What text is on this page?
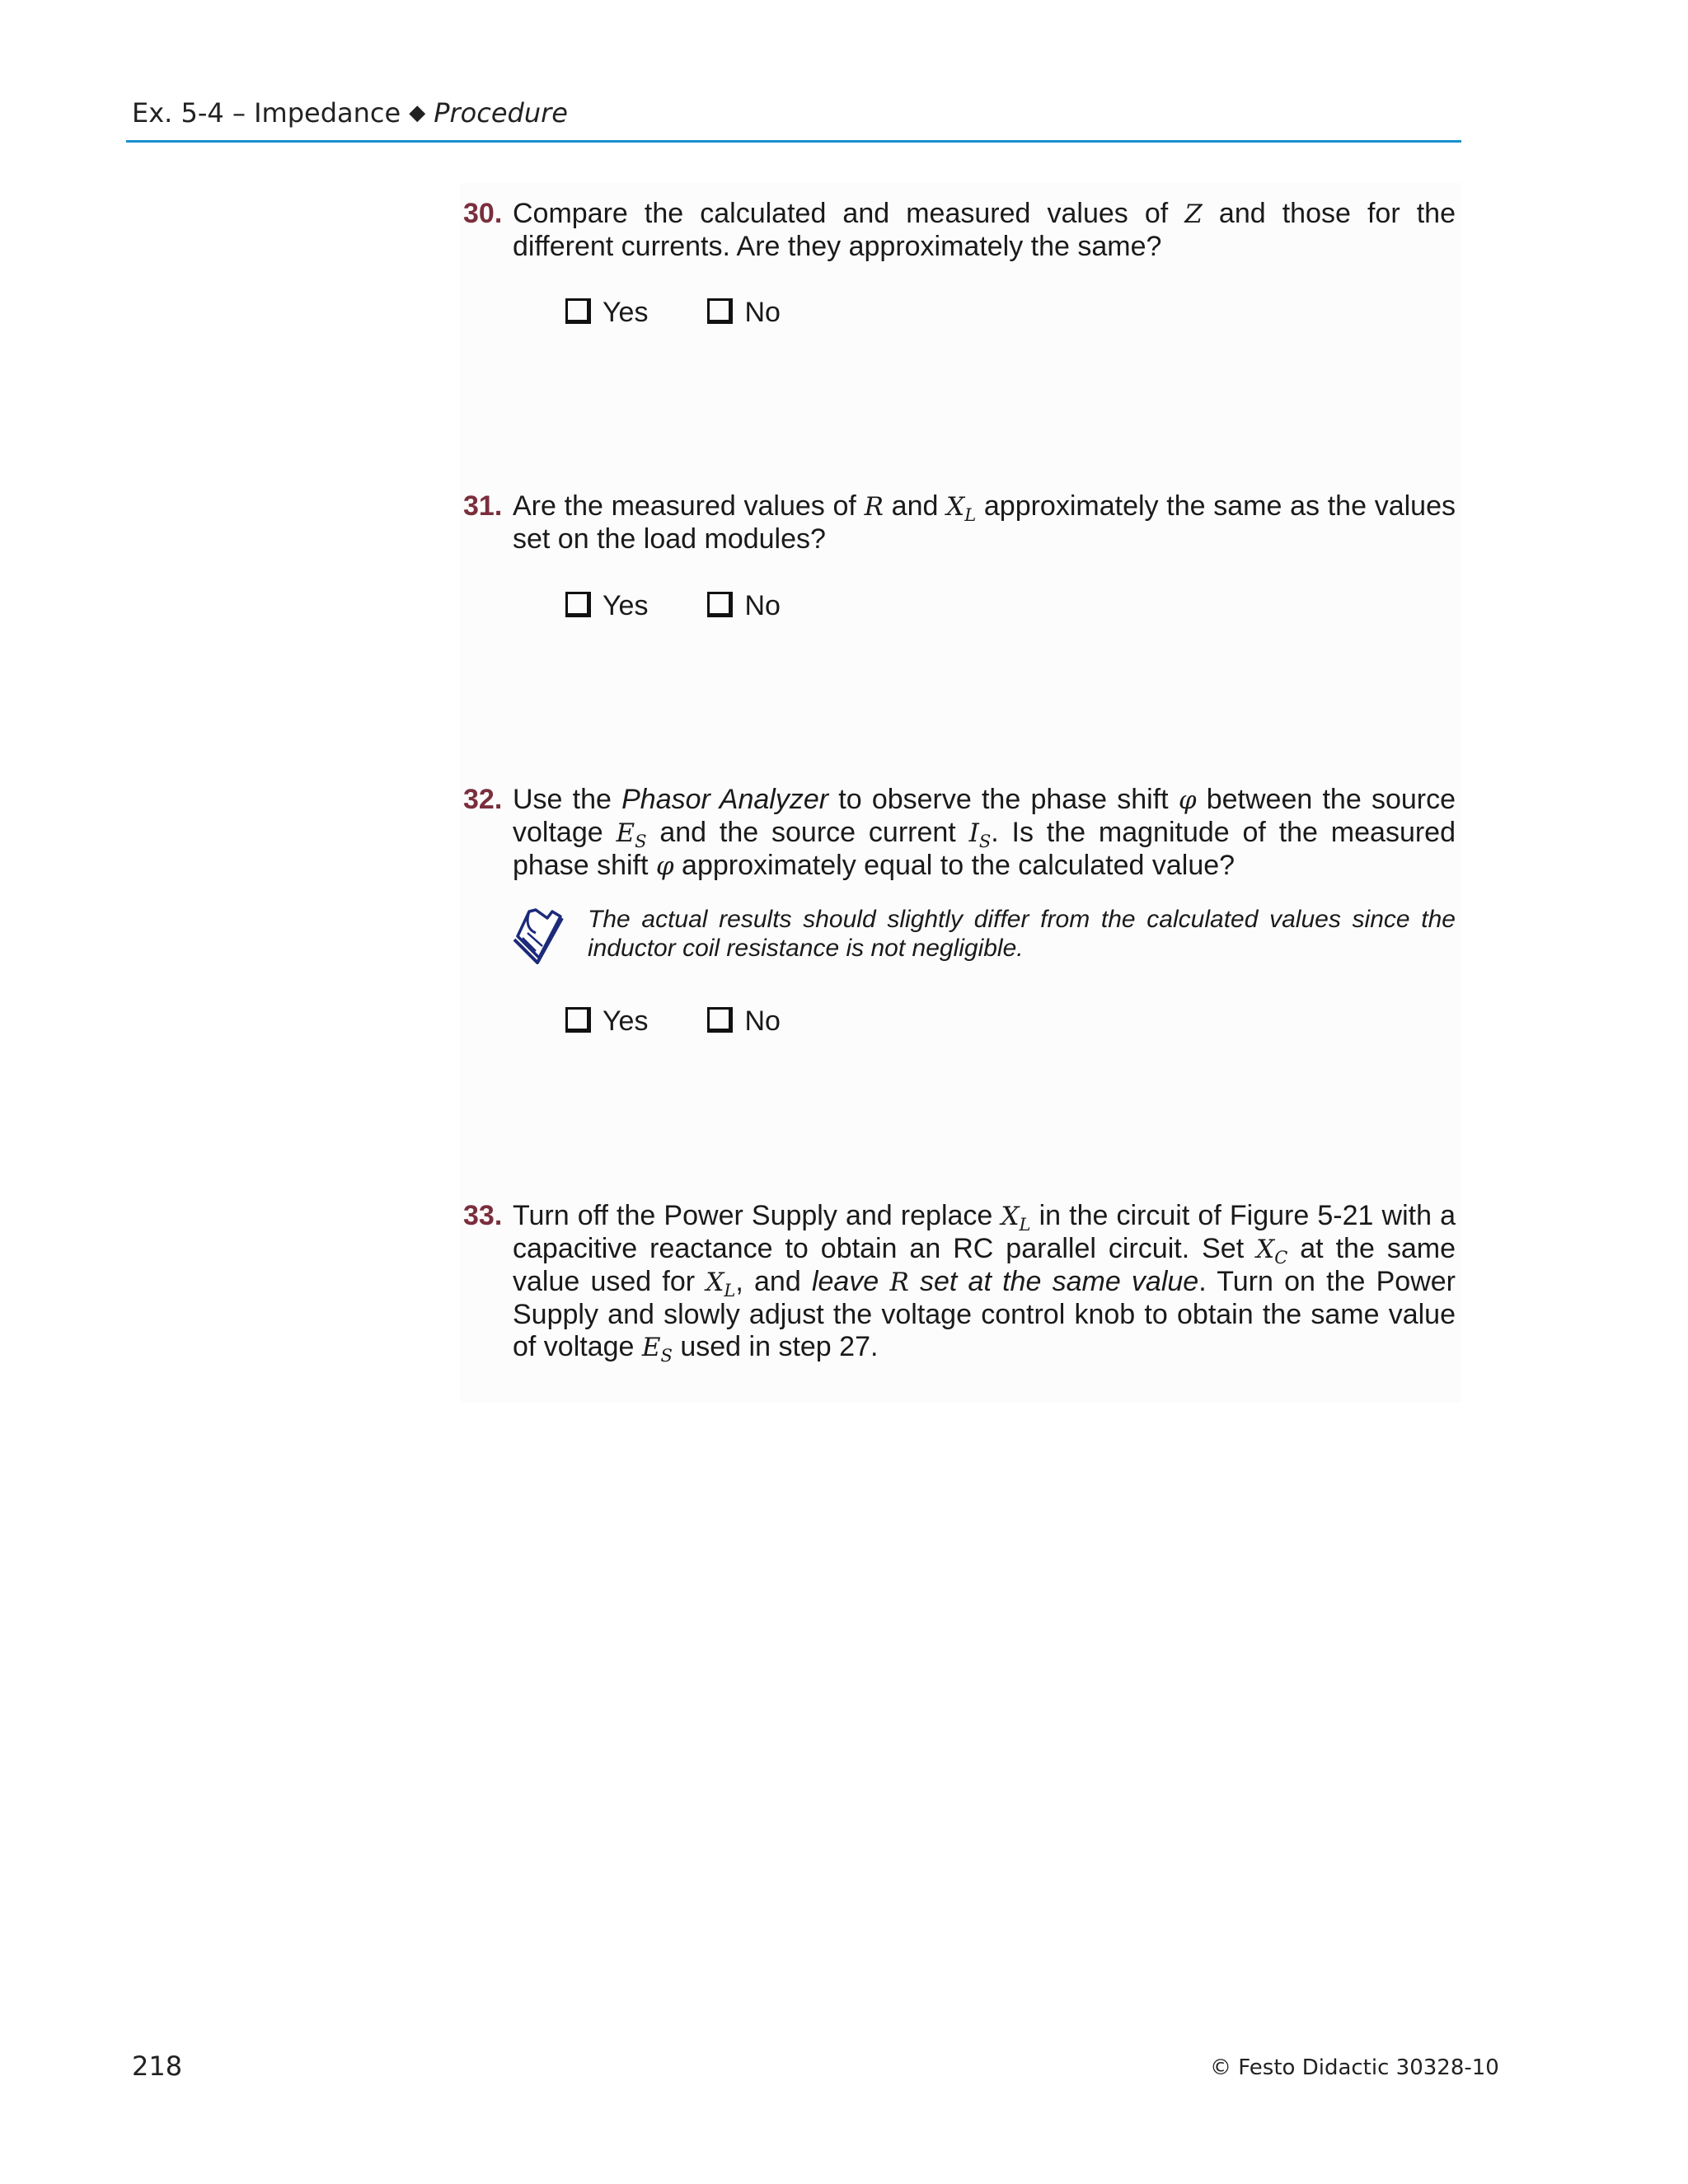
Ex. 5-4 – Impedance ◆ Procedure
30. Compare the calculated and measured values of Z and those for the different currents. Are they approximately the same?
Yes	No
31. Are the measured values of R and $X_L$ approximately the same as the values set on the load modules?
Yes	No
32. Use the Phasor Analyzer to observe the phase shift φ between the source voltage $E_S$ and the source current $I_S$. Is the magnitude of the measured phase shift φ approximately equal to the calculated value?
The actual results should slightly differ from the calculated values since the inductor coil resistance is not negligible.
Yes	No
33. Turn off the Power Supply and replace $X_L$ in the circuit of Figure 5-21 with a capacitive reactance to obtain an RC parallel circuit. Set $X_C$ at the same value used for $X_L$, and leave R set at the same value. Turn on the Power Supply and slowly adjust the voltage control knob to obtain the same value of voltage $E_S$ used in step 27.
218	© Festo Didactic 30328-10
